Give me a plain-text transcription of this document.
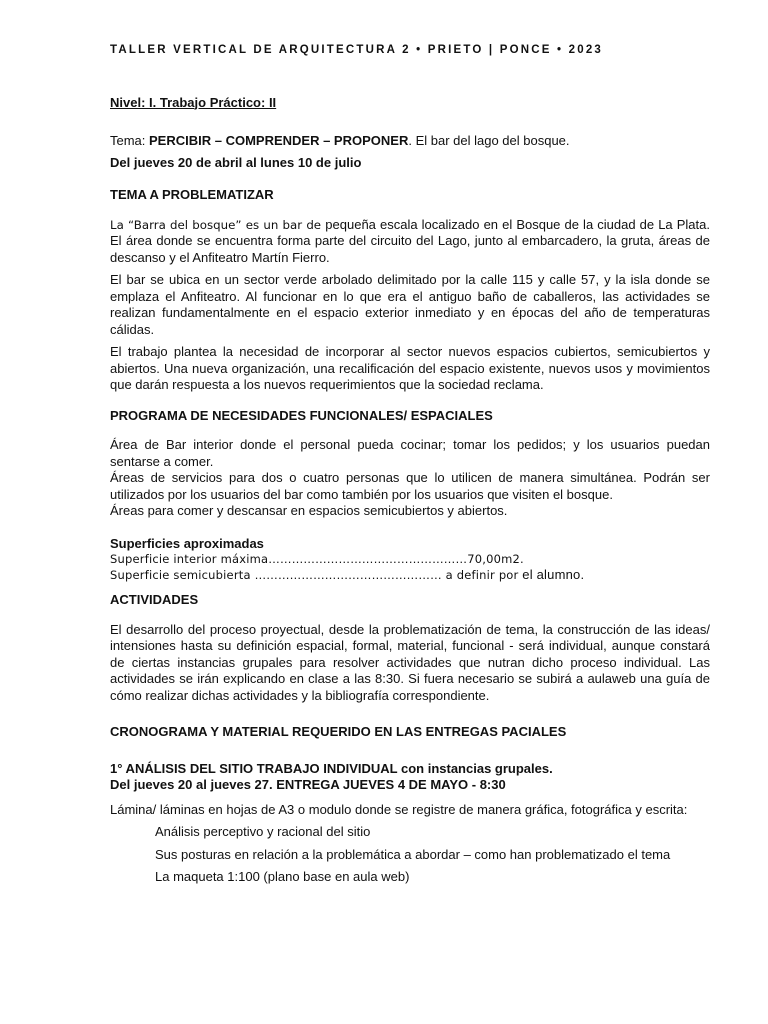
TALLER VERTICAL DE ARQUITECTURA 2 • PRIETO | PONCE • 2023

Nivel: I. Trabajo Práctico: II

Tema: PERCIBIR – COMPRENDER – PROPONER. El bar del lago del bosque.

Del jueves 20 de abril al lunes 10 de julio

TEMA A PROBLEMATIZAR

La “Barra del bosque” es un bar de pequeña escala localizado en el Bosque de la ciudad de La Plata. El área donde se encuentra forma parte del circuito del Lago, junto al embarcadero, la gruta, áreas de descanso y el Anfiteatro Martín Fierro.

El bar se ubica en un sector verde arbolado delimitado por la calle 115 y calle 57, y la isla donde se emplaza el Anfiteatro. Al funcionar en lo que era el antiguo baño de caballeros, las actividades se realizan fundamentalmente en el espacio exterior inmediato y en épocas del año de temperaturas cálidas.

El trabajo plantea la necesidad de incorporar al sector nuevos espacios cubiertos, semicubiertos y abiertos. Una nueva organización, una recalificación del espacio existente, nuevos usos y movimientos que darán respuesta a los nuevos requerimientos que la sociedad reclama.

PROGRAMA DE NECESIDADES FUNCIONALES/ ESPACIALES

Área de Bar interior donde el personal pueda cocinar; tomar los pedidos; y los usuarios puedan sentarse a comer.

Áreas de servicios para dos o cuatro personas que lo utilicen de manera simultánea. Podrán ser utilizados por los usuarios del bar como también por los usuarios que visiten el bosque.

Áreas para comer y descansar en espacios semicubiertos y abiertos.

Superficies aproximadas

Superficie interior máxima……………………………………………70,00m2.
Superficie semicubierta ………………………………………… a definir por el alumno.
ACTIVIDADES

El desarrollo del proceso proyectual, desde la problematización de tema, la construcción de las ideas/ intensiones hasta su definición espacial, formal, material, funcional - será individual, aunque constará de ciertas instancias grupales para resolver actividades que nutran dicho proceso individual. Las actividades se irán explicando en clase a las 8:30. Si fuera necesario se subirá a aulaweb una guía de cómo realizar dichas actividades y la bibliografía correspondiente.

CRONOGRAMA Y MATERIAL REQUERIDO EN LAS ENTREGAS PACIALES
1° ANÁLISIS DEL SITIO TRABAJO INDIVIDUAL con instancias grupales.
Del jueves 20 al jueves 27. ENTREGA JUEVES 4 DE MAYO - 8:30

Lámina/ láminas en hojas de A3 o modulo donde se registre de manera gráfica, fotográfica y escrita:

Análisis perceptivo y racional del sitio
Sus posturas en relación a la problemática a abordar – como han problematizado el tema
La maqueta 1:100 (plano base en aula web)
